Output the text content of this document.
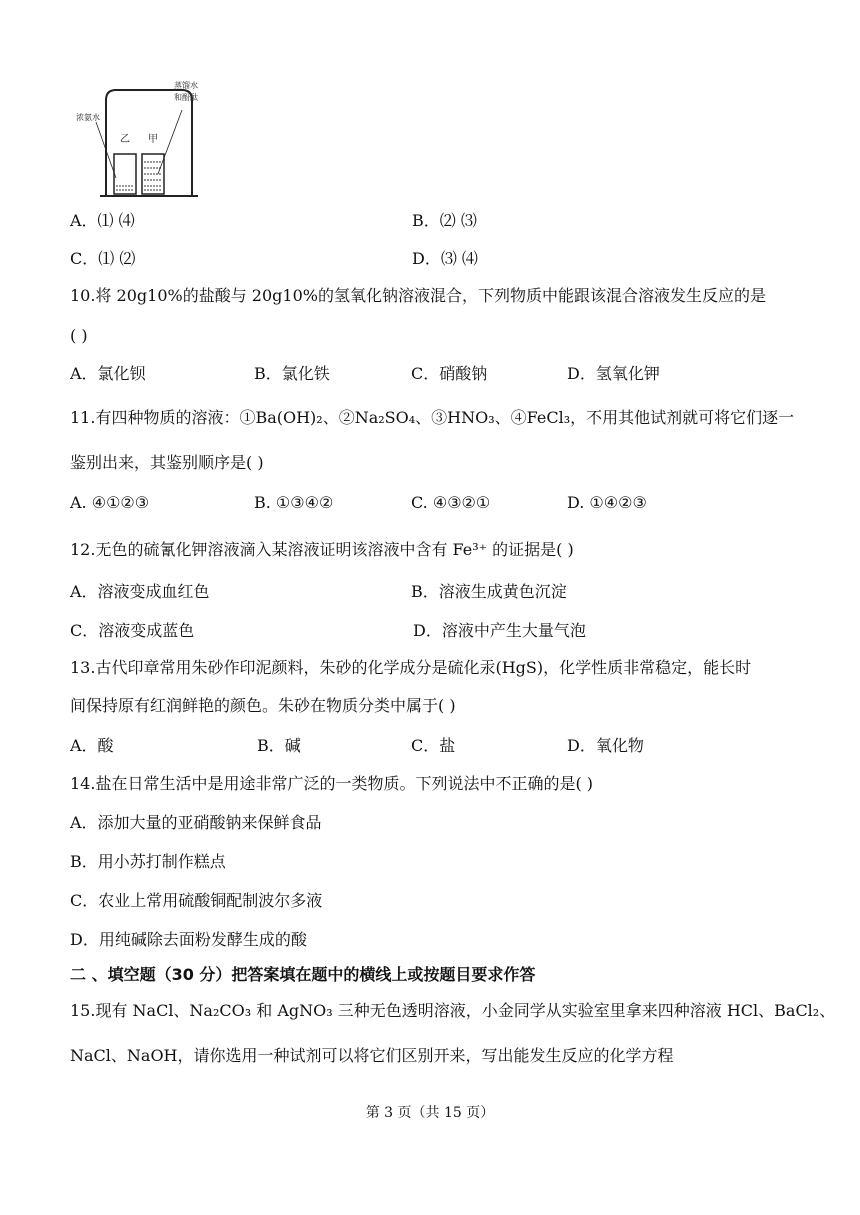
浓氨水
蒸馏水
和酚酞
乙 甲
A．⑴ ⑷	B．⑵ ⑶
C．⑴ ⑵	D．⑶ ⑷
10.将 20g10%的盐酸与 20g10%的氢氧化钠溶液混合，下列物质中能跟该混合溶液发生反应的是
( )
A．氯化钡	B．氯化铁	C．硝酸钠	D．氢氧化钾
11.有四种物质的溶液：①Ba(OH)₂、②Na₂SO₄、③HNO₃、④FeCl₃，不用其他试剂就可将它们逐一
鉴别出来，其鉴别顺序是( )
A. ④①②③	B. ①③④②	C. ④③②①	D. ①④②③
12.无色的硫氰化钾溶液滴入某溶液证明该溶液中含有 Fe³⁺ 的证据是( )
A．溶液变成血红色	B．溶液生成黄色沉淀
C．溶液变成蓝色	D．溶液中产生大量气泡
13.古代印章常用朱砂作印泥颜料，朱砂的化学成分是硫化汞(HgS)，化学性质非常稳定，能长时
间保持原有红润鲜艳的颜色。朱砂在物质分类中属于( )
A．酸	B．碱	C．盐	D．氧化物
14.盐在日常生活中是用途非常广泛的一类物质。下列说法中不正确的是( )
A．添加大量的亚硝酸钠来保鲜食品
B．用小苏打制作糕点
C．农业上常用硫酸铜配制波尔多液
D．用纯碱除去面粉发酵生成的酸
二 、填空题（30 分）把答案填在题中的横线上或按题目要求作答
15.现有 NaCl、Na₂CO₃ 和 AgNO₃ 三种无色透明溶液，小金同学从实验室里拿来四种溶液 HCl、BaCl₂、
NaCl、NaOH，请你选用一种试剂可以将它们区别开来，写出能发生反应的化学方程
第 3 页（共 15 页）
